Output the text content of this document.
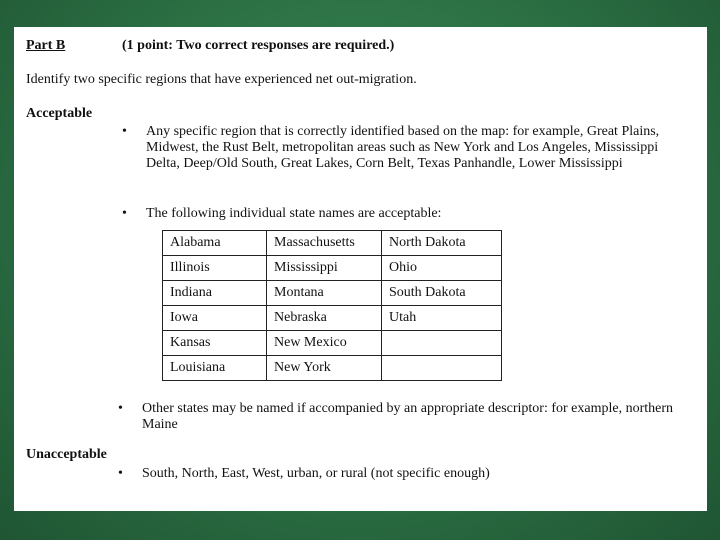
Part B	(1 point: Two correct responses are required.)
Identify two specific regions that have experienced net out-migration.
Acceptable
• Any specific region that is correctly identified based on the map: for example, Great Plains, Midwest, the Rust Belt, metropolitan areas such as New York and Los Angeles, Mississippi Delta, Deep/Old South, Great Lakes, Corn Belt, Texas Panhandle, Lower Mississippi
• The following individual state names are acceptable:
Alabama	Massachusetts	North Dakota
Illinois	Mississippi	Ohio
Indiana	Montana	South Dakota
Iowa	Nebraska	Utah
Kansas	New Mexico	
Louisiana	New York	
• Other states may be named if accompanied by an appropriate descriptor: for example, northern Maine
Unacceptable
• South, North, East, West, urban, or rural (not specific enough)
